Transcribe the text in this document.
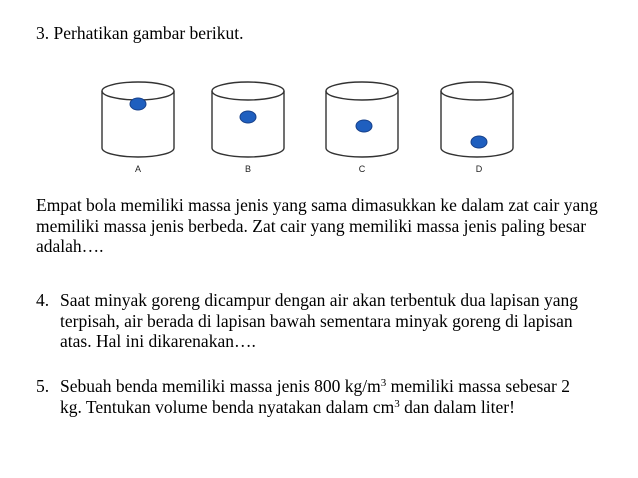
3. Perhatikan gambar berikut.
A	B	C	D
Empat bola memiliki massa jenis yang sama dimasukkan ke dalam zat cair yang memiliki massa jenis berbeda. Zat cair yang memiliki massa jenis paling besar adalah….
4. Saat minyak goreng dicampur dengan air akan terbentuk dua lapisan yang terpisah, air berada di lapisan bawah sementara minyak goreng di lapisan atas. Hal ini dikarenakan….
5. Sebuah benda memiliki massa jenis 800 $kg/m^3$ memiliki massa sebesar 2 kg. Tentukan volume benda nyatakan dalam $cm^3$ dan dalam liter!
